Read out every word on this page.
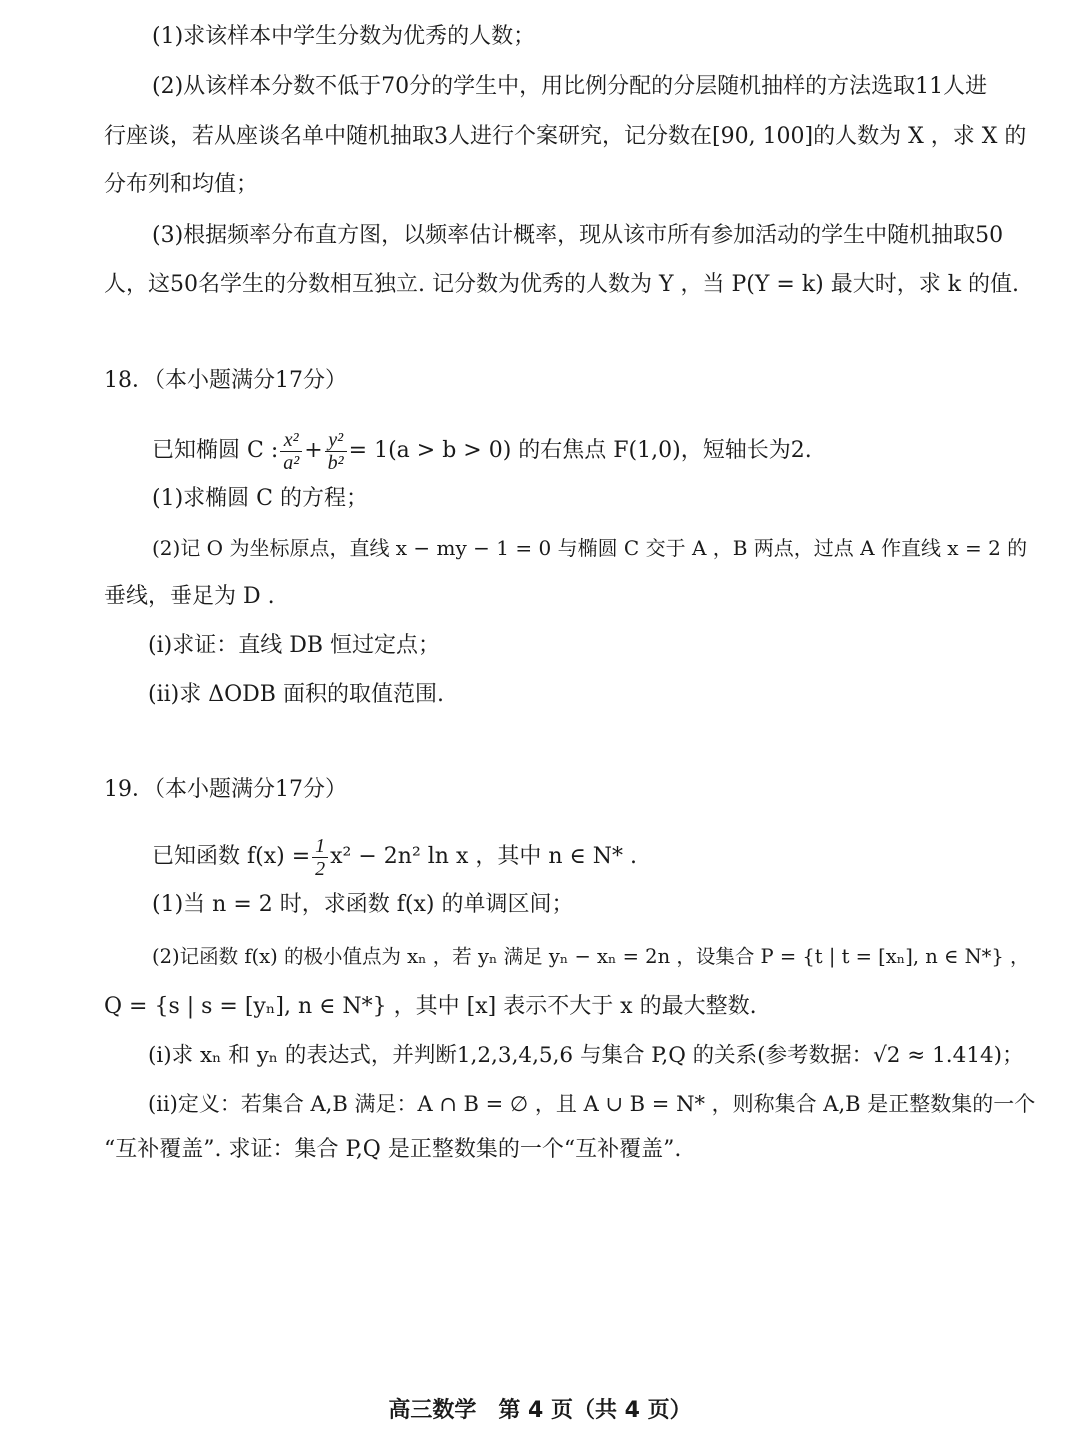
(1)求该样本中学生分数为优秀的人数；
(2)从该样本分数不低于70分的学生中，用比例分配的分层随机抽样的方法选取11人进
行座谈，若从座谈名单中随机抽取3人进行个案研究，记分数在[90, 100]的人数为 X ，求 X 的
分布列和均值；
(3)根据频率分布直方图，以频率估计概率，现从该市所有参加活动的学生中随机抽取50
人，这50名学生的分数相互独立. 记分数为优秀的人数为 Y ，当 P(Y = k) 最大时，求 k 的值.
18．（本小题满分17分）
已知椭圆 C : $\frac{\text{x²}}{\text{a²}} + \frac{\text{y²}}{\text{b²}} = 1(a > b > 0)$ 的右焦点 F(1,0)，短轴长为2.
(1)求椭圆 C 的方程；
(2)记 O 为坐标原点，直线 x − my − 1 = 0 与椭圆 C 交于 A ，B 两点，过点 A 作直线 x = 2 的
垂线，垂足为 D .
(ⅰ)求证：直线 DB 恒过定点；
(ⅱ)求 ΔODB 面积的取值范围.
19．（本小题满分17分）
已知函数 $f(x) = \frac{1}{2} x^2 - 2n^2$ ln x ，其中 n ∈ N* .
(1)当 n = 2 时，求函数 f(x) 的单调区间；
(2)记函数 f(x) 的极小值点为 xₙ ，若 yₙ 满足 yₙ − xₙ = 2n ，设集合 P = {t | t = [xₙ], n ∈ N*} ，
Q = {s | s = [yₙ], n ∈ N*} ，其中 [x] 表示不大于 x 的最大整数.
(ⅰ)求 xₙ 和 yₙ 的表达式，并判断1,2,3,4,5,6 与集合 P,Q 的关系(参考数据：√2 ≈ 1.414)；
(ⅱ)定义：若集合 A,B 满足：A ∩ B = ∅ ，且 A ∪ B = N* ，则称集合 A,B 是正整数集的一个
“互补覆盖”. 求证：集合 P,Q 是正整数集的一个“互补覆盖”.
高三数学　第 4 页（共 4 页）
